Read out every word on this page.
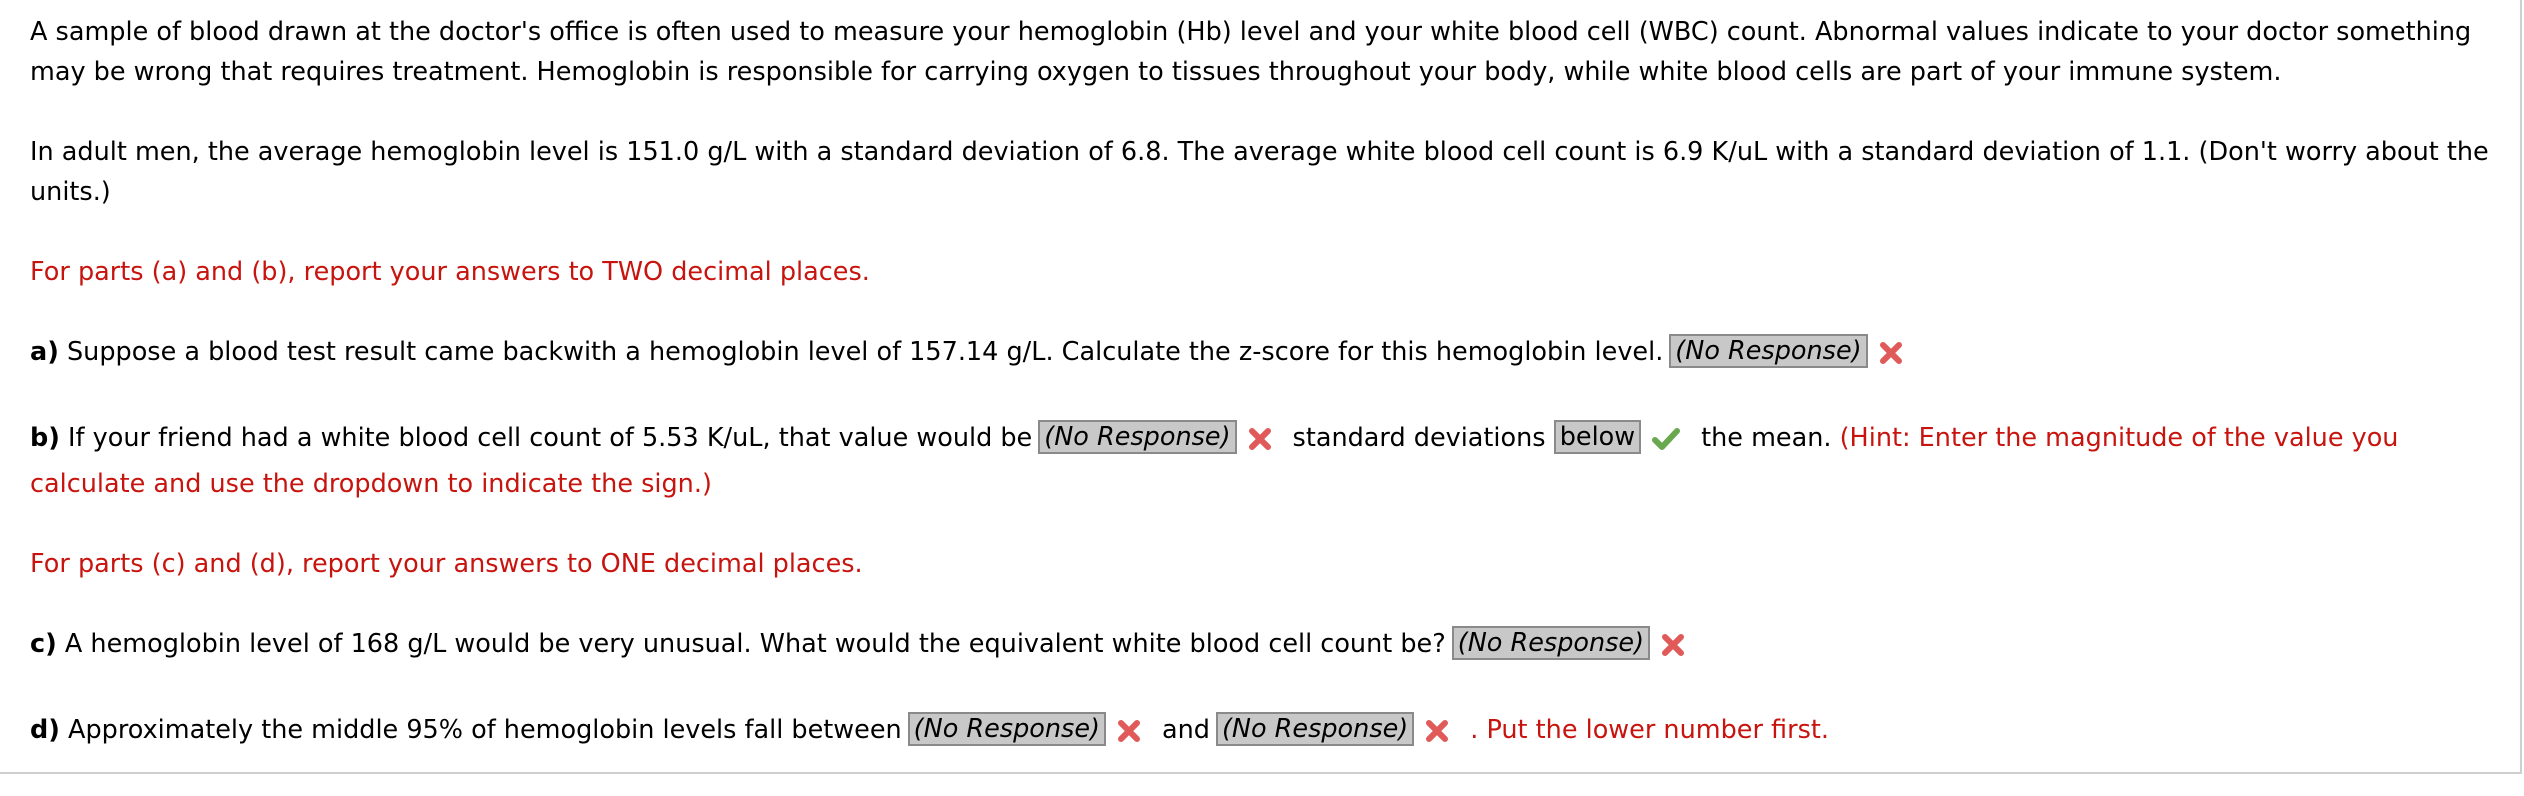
A sample of blood drawn at the doctor's office is often used to measure your hemoglobin (Hb) level and your white blood cell (WBC) count. Abnormal values indicate to your doctor something may be wrong that requires treatment. Hemoglobin is responsible for carrying oxygen to tissues throughout your body, while white blood cells are part of your immune system.

In adult men, the average hemoglobin level is 151.0 g/L with a standard deviation of 6.8. The average white blood cell count is 6.9 K/uL with a standard deviation of 1.1. (Don't worry about the units.)

For parts (a) and (b), report your answers to TWO decimal places.

a) Suppose a blood test result came backwith a hemoglobin level of 157.14 g/L. Calculate the z-score for this hemoglobin level. (No Response)

b) If your friend had a white blood cell count of 5.53 K/uL, that value would be (No Response) standard deviations below	the mean. (Hint: Enter the magnitude of the value you calculate and use the dropdown to indicate the sign.)

For parts (c) and (d), report your answers to ONE decimal places.

c) A hemoglobin level of 168 g/L would be very unusual. What would the equivalent white blood cell count be? (No Response)

d) Approximately the middle 95% of hemoglobin levels fall between (No Response) and (No Response) . Put the lower number first.
